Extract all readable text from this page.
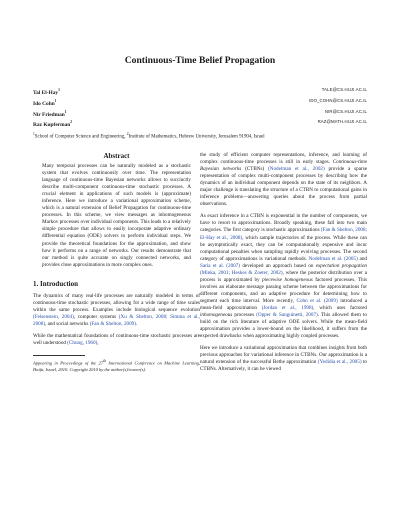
Continuous-Time Belief Propagation
Tal El-Hay$^1$	TALE@CS.HUJI.AC.IL
Ido Cohn$^1$	IDO_COHN@CS.HUJI.AC.IL
Nir Friedman$^1$	NIR@CS.HUJI.AC.IL
Raz Kupferman$^2$	RAZ@MATH.HUJI.AC.IL
$^1$School of Computer Science and Engineering, $^2$Institute of Mathematics, Hebrew University, Jerusalem 91904, Israel
Abstract

Many temporal processes can be naturally modeled as a stochastic system that evolves continuously over time. The representation language of continuous-time Bayesian networks allows to succinctly describe multi-component continuous-time stochastic processes. A crucial element in applications of such models is (approximate) inference. Here we introduce a variational approximation scheme, which is a natural extension of Belief Propagation for continuous-time processes. In this scheme, we view messages as inhomogeneous Markov processes over individual components. This leads to a relatively simple procedure that allows to easily incorporate adaptive ordinary differential equation (ODE) solvers to perform individual steps. We provide the theoretical foundations for the approximation, and show how it performs on a range of networks. Our results demonstrate that our method is quite accurate on singly connected networks, and provides close approximations in more complex ones.

1. Introduction

The dynamics of many real-life processes are naturally modeled in terms of continuous-time stochastic processes, allowing for a wide range of time scales within the same process. Examples include biological sequence evolution (Felsenstein, 2004), computer systems (Xu & Shelton, 2008; Simma et al., 2008), and social networks (Fan & Shelton, 2009).

While the mathematical foundations of continuous-time stochastic processes are well understood (Chung, 1960),

Appearing in Proceedings of the 27th International Conference on Machine Learning, Haifa, Israel, 2010. Copyright 2010 by the author(s)/owner(s).

the study of efficient computer representations, inference, and learning of complex continuous-time processes is still in early stages. Continuous-time Bayesian networks (CTBNs) (Nodelman et al., 2002) provide a sparse representation of complex multi-component processes by describing how the dynamics of an individual component depends on the state of its neighbors. A major challenge is translating the structure of a CTBN to computational gains in inference problems—answering queries about the process from partial observations.

As exact inference in a CTBN is exponential in the number of components, we have to resort to approximations. Broadly speaking, these fall into two main categories. The first category is stochastic approximations (Fan & Shelton, 2008; El-Hay et al., 2008), which sample trajectories of the process. While these can be asymptotically exact, they can be computationally expensive and incur computational penalties when sampling rapidly evolving processes. The second category of approximations is variational methods. Nodelman et al. (2005) and Saria et al. (2007) developed an approach based on expectation propagation (Minka, 2001; Heskes & Zoeter, 2002), where the posterior distribution over a process is approximated by piecewise homogeneous factored processes. This involves an elaborate message passing scheme between the approximations for different components, and an adaptive procedure for determining how to segment each time interval. More recently, Cohn et al. (2009) introduced a mean-field approximation (Jordan et al., 1998), which uses factored inhomogeneous processes (Opper & Sanguinetti, 2007). This allowed them to build on the rich literature of adaptive ODE solvers. While the mean-field approximation provides a lower-bound on the likelihood, it suffers from the expected drawbacks when approximating highly coupled processes.

Here we introduce a variational approximation that combines insights from both previous approaches for variational inference in CTBNs. Our approximation is a natural extension of the successful Bethe approximation (Yedidia et al., 2005) to CTBNs. Alternatively, it can be viewed
